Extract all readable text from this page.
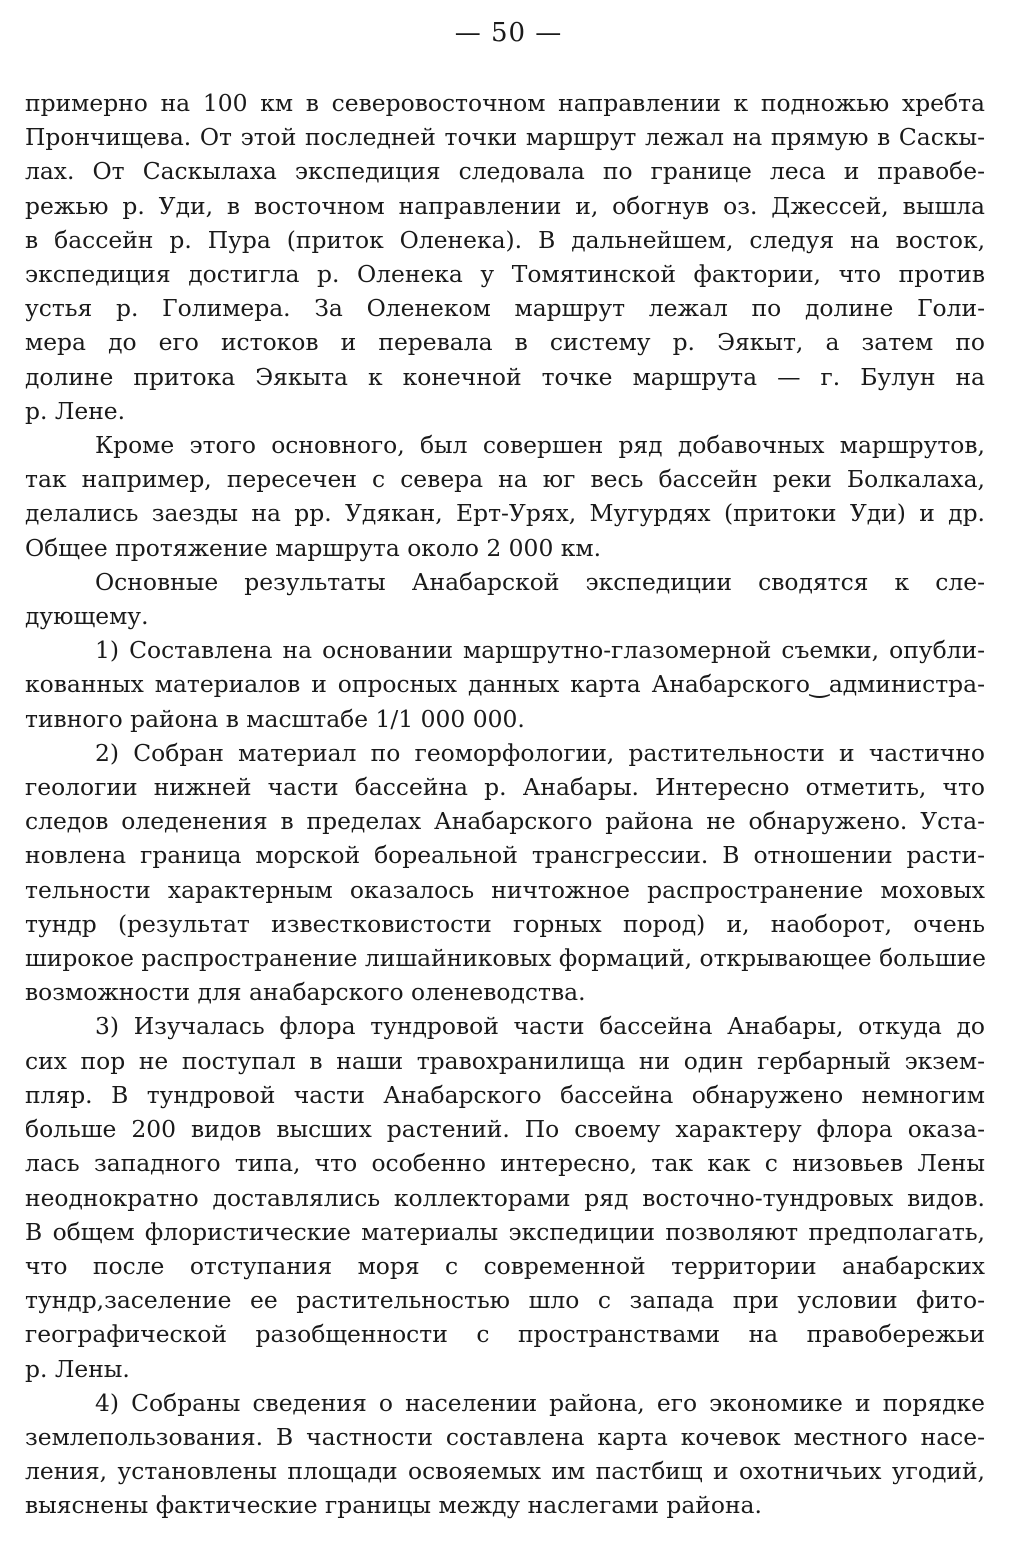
— 50 —
примерно на 100 км в северовосточном направлении к подножью хребта
Прончищева. От этой последней точки маршрут лежал на прямую в Саскы-
лах. От Саскылаха экспедиция следовала по границе леса и правобе-
режью р. Уди, в восточном направлении и, обогнув оз. Джессей, вышла
в бассейн р. Пура (приток Оленека). В дальнейшем, следуя на восток,
экспедиция достигла р. Оленека у Томятинской фактории, что против
устья р. Голимера. За Оленеком маршрут лежал по долине Голи-
мера до его истоков и перевала в систему р. Эякыт, а затем по
долине притока Эякыта к конечной точке маршрута — г. Булун на
р. Лене.
Кроме этого основного, был совершен ряд добавочных маршрутов,
так например, пересечен с севера на юг весь бассейн реки Болкалаха,
делались заезды на рр. Удякан, Ерт-Урях, Мугурдях (притоки Уди) и др.
Общее протяжение маршрута около 2 000 км.
Основные результаты Анабарской экспедиции сводятся к сле-
дующему.
1) Составлена на основании маршрутно-глазомерной съемки, опубли-
кованных материалов и опросных данных карта Анабарского‿администра-
тивного района в масштабе 1/1 000 000.
2) Собран материал по геоморфологии, растительности и частично
геологии нижней части бассейна р. Анабары. Интересно отметить, что
следов оледенения в пределах Анабарского района не обнаружено. Уста-
новлена граница морской бореальной трансгрессии. В отношении расти-
тельности характерным оказалось ничтожное распространение моховых
тундр (результат известковистости горных пород) и, наоборот, очень
широкое распространение лишайниковых формаций, открывающее большие
возможности для анабарского оленеводства.
3) Изучалась флора тундровой части бассейна Анабары, откуда до
сих пор не поступал в наши травохранилища ни один гербарный экзем-
пляр. В тундровой части Анабарского бассейна обнаружено немногим
больше 200 видов высших растений. По своему характеру флора оказа-
лась западного типа, что особенно интересно, так как с низовьев Лены
неоднократно доставлялись коллекторами ряд восточно-тундровых видов.
В общем флористические материалы экспедиции позволяют предполагать,
что после отступания моря с современной территории анабарских
тундр,заселение ее растительностью шло с запада при условии фито-
географической разобщенности с пространствами на правобережьи
р. Лены.
4) Собраны сведения о населении района, его экономике и порядке
землепользования. В частности составлена карта кочевок местного насе-
ления, установлены площади освояемых им пастбищ и охотничьих угодий,
выяснены фактические границы между наслегами района.
